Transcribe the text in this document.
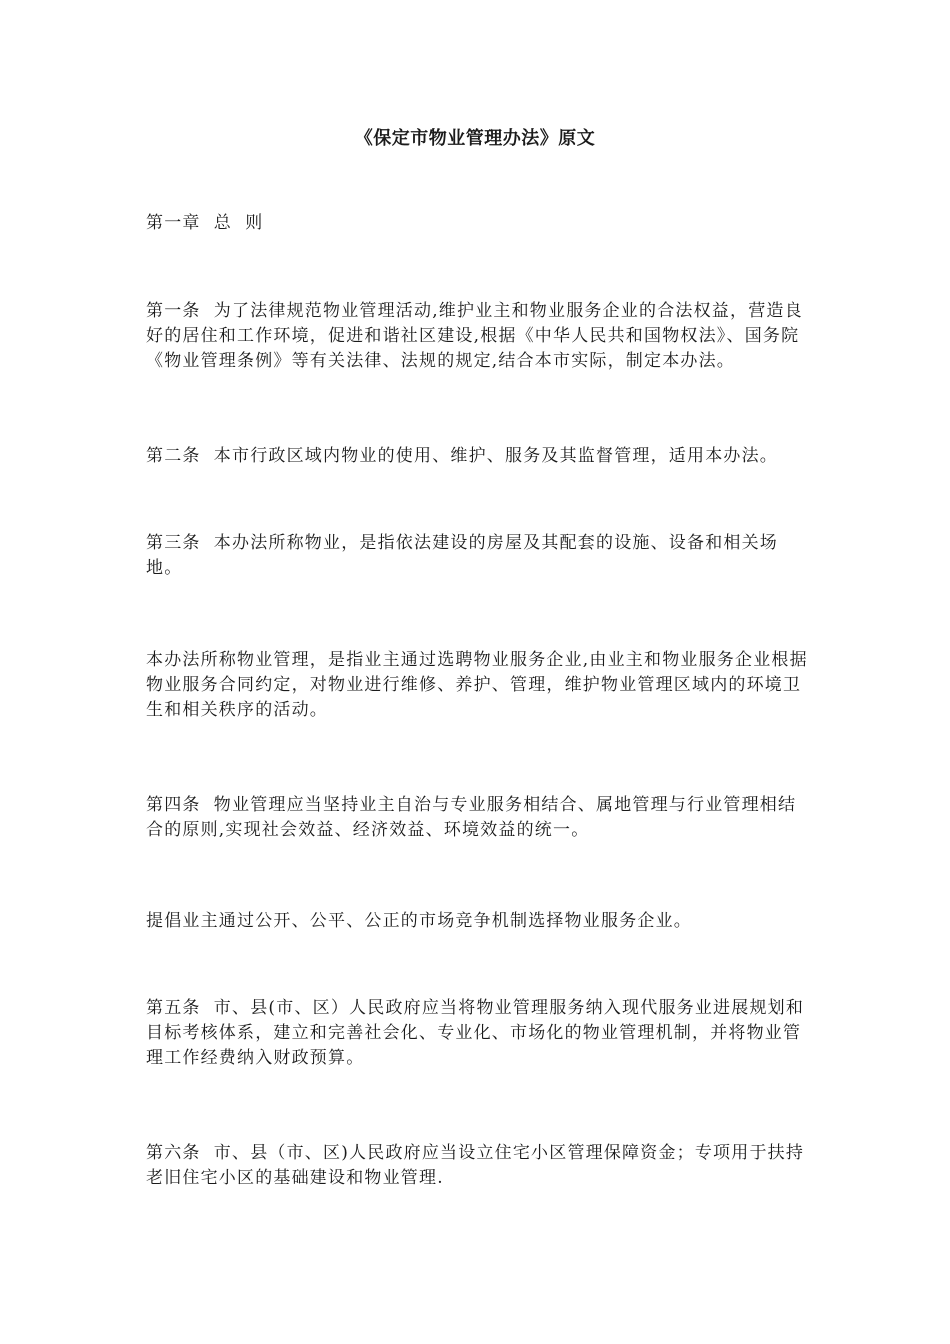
《保定市物业管理办法》原文

第一章  总  则

第一条  为了法律规范物业管理活动,维护业主和物业服务企业的合法权益，营造良好的居住和工作环境，促进和谐社区建设,根据《中华人民共和国物权法》、国务院《物业管理条例》等有关法律、法规的规定,结合本市实际，制定本办法。

第二条  本市行政区域内物业的使用、维护、服务及其监督管理，适用本办法。

第三条  本办法所称物业，是指依法建设的房屋及其配套的设施、设备和相关场地。

本办法所称物业管理，是指业主通过选聘物业服务企业,由业主和物业服务企业根据物业服务合同约定，对物业进行维修、养护、管理，维护物业管理区域内的环境卫生和相关秩序的活动。

第四条  物业管理应当坚持业主自治与专业服务相结合、属地管理与行业管理相结合的原则,实现社会效益、经济效益、环境效益的统一。

提倡业主通过公开、公平、公正的市场竞争机制选择物业服务企业。

第五条  市、县(市、区）人民政府应当将物业管理服务纳入现代服务业进展规划和目标考核体系，建立和完善社会化、专业化、市场化的物业管理机制，并将物业管理工作经费纳入财政预算。

第六条  市、县（市、区)人民政府应当设立住宅小区管理保障资金；专项用于扶持老旧住宅小区的基础建设和物业管理.
